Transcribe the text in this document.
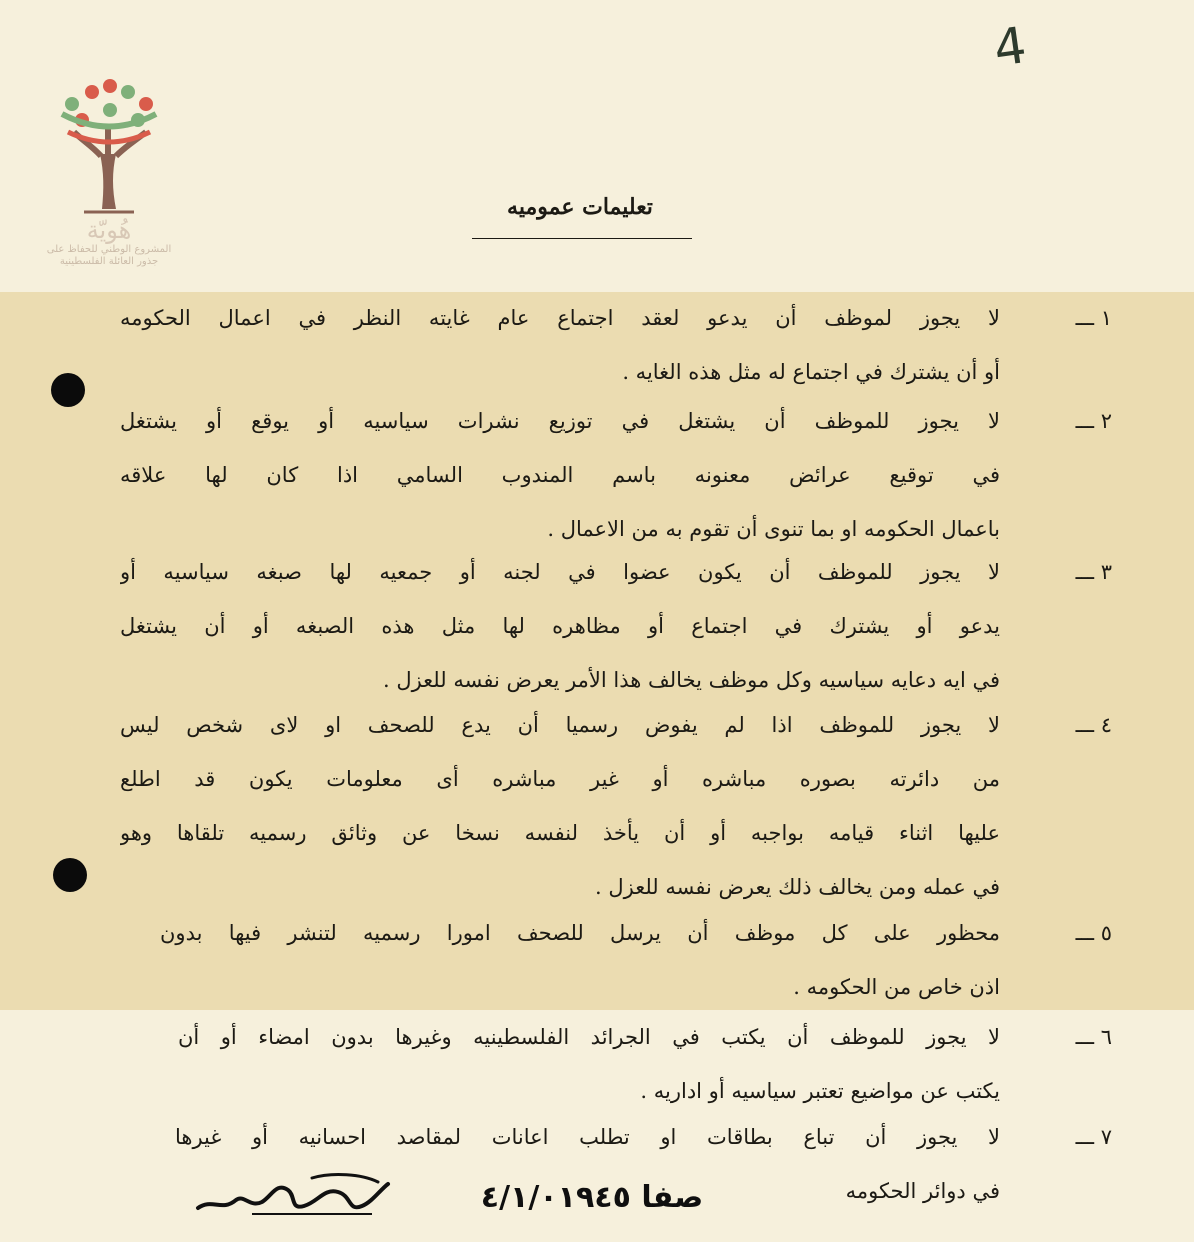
4
هُويّة
المشروع الوطني للحفاظ على
جذور العائلة الفلسطينية
تعليمات عموميه
١ ـــ
لا يجوز لموظف أن يدعو لعقد اجتماع عام غايته النظر في اعمال الحكومه
أو أن يشترك في اجتماع له مثل هذه الغايه .
٢ ـــ
لا يجوز للموظف أن يشتغل في توزيع نشرات سياسيه أو يوقع أو يشتغل
في توقيع عرائض معنونه باسم المندوب السامي اذا كان لها علاقه
باعمال الحكومه او بما تنوى أن تقوم به من الاعمال .
٣ ـــ
لا يجوز للموظف أن يكون عضوا في لجنه أو جمعيه لها صبغه سياسيه أو
يدعو أو يشترك في اجتماع أو مظاهره لها مثل هذه الصبغه أو أن يشتغل
في ايه دعايه سياسيه وكل موظف يخالف هذا الأمر يعرض نفسه للعزل .
٤ ـــ
لا يجوز للموظف اذا لم يفوض رسميا أن يدع للصحف او لاى شخص ليس
من دائرته بصوره مباشره أو غير مباشره أى معلومات يكون قد اطلع
عليها اثناء قيامه بواجبه أو أن يأخذ لنفسه نسخا عن وثائق رسميه تلقاها وهو
في عمله ومن يخالف ذلك يعرض نفسه للعزل .
٥ ـــ
محظور على كل موظف أن يرسل للصحف امورا رسميه لتنشر فيها بدون
اذن خاص من الحكومه .
٦ ـــ
لا يجوز للموظف أن يكتب في الجرائد الفلسطينيه وغيرها بدون امضاء أو أن
يكتب عن مواضيع تعتبر سياسيه أو اداريه .
٧ ـــ
لا يجوز أن تباع بطاقات او تطلب اعانات لمقاصد احسانيه أو غيرها
في دوائر الحكومه
صفا ٤/١/٠١٩٤٥
